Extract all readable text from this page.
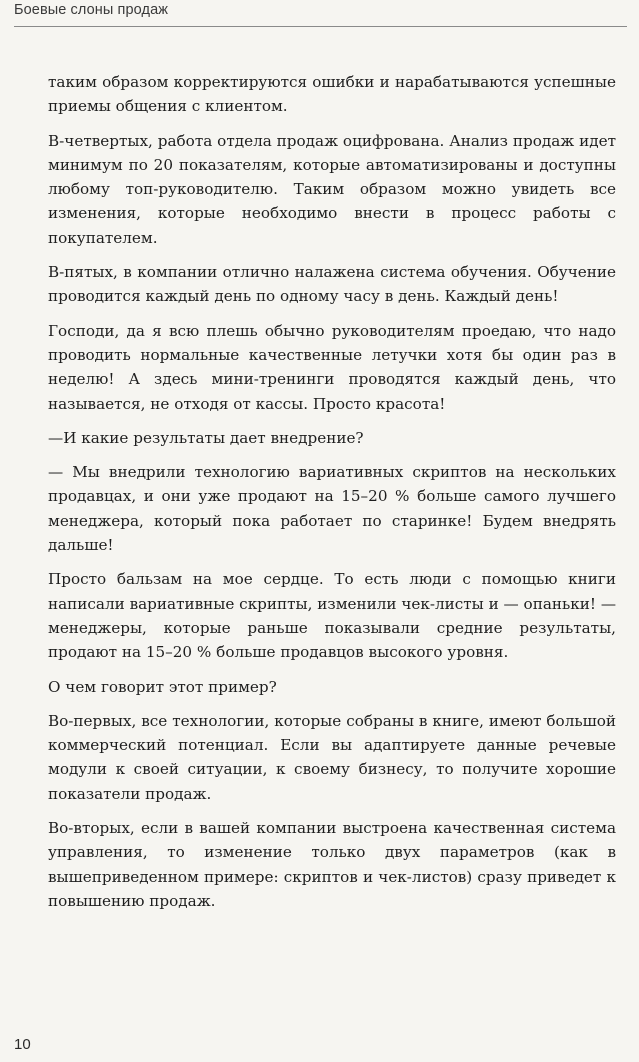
Боевые слоны продаж

таким образом корректируются ошибки и нарабатываются успешные приемы общения с клиентом.

В-четвертых, работа отдела продаж оцифрована. Анализ продаж идет минимум по 20 показателям, которые автоматизированы и доступны любому топ-руководителю. Таким образом можно увидеть все изменения, которые необходимо внести в процесс работы с покупателем.

В-пятых, в компании отлично налажена система обучения. Обучение проводится каждый день по одному часу в день. Каждый день!

Господи, да я всю плешь обычно руководителям проедаю, что надо проводить нормальные качественные летучки хотя бы один раз в неделю! А здесь мини-тренинги проводятся каждый день, что называется, не отходя от кассы. Просто красота!

—И какие результаты дает внедрение?

— Мы внедрили технологию вариативных скриптов на нескольких продавцах, и они уже продают на 15–20 % больше самого лучшего менеджера, который пока работает по старинке! Будем внедрять дальше!

Просто бальзам на мое сердце. То есть люди с помощью книги написали вариативные скрипты, изменили чек-листы и — опаньки! — менеджеры, которые раньше показывали средние результаты, продают на 15–20 % больше продавцов высокого уровня.

О чем говорит этот пример?

Во-первых, все технологии, которые собраны в книге, имеют большой коммерческий потенциал. Если вы адаптируете данные речевые модули к своей ситуации, к своему бизнесу, то получите хорошие показатели продаж.

Во-вторых, если в вашей компании выстроена качественная система управления, то изменение только двух параметров (как в вышеприведенном примере: скриптов и чек-листов) сразу приведет к повышению продаж.

10
